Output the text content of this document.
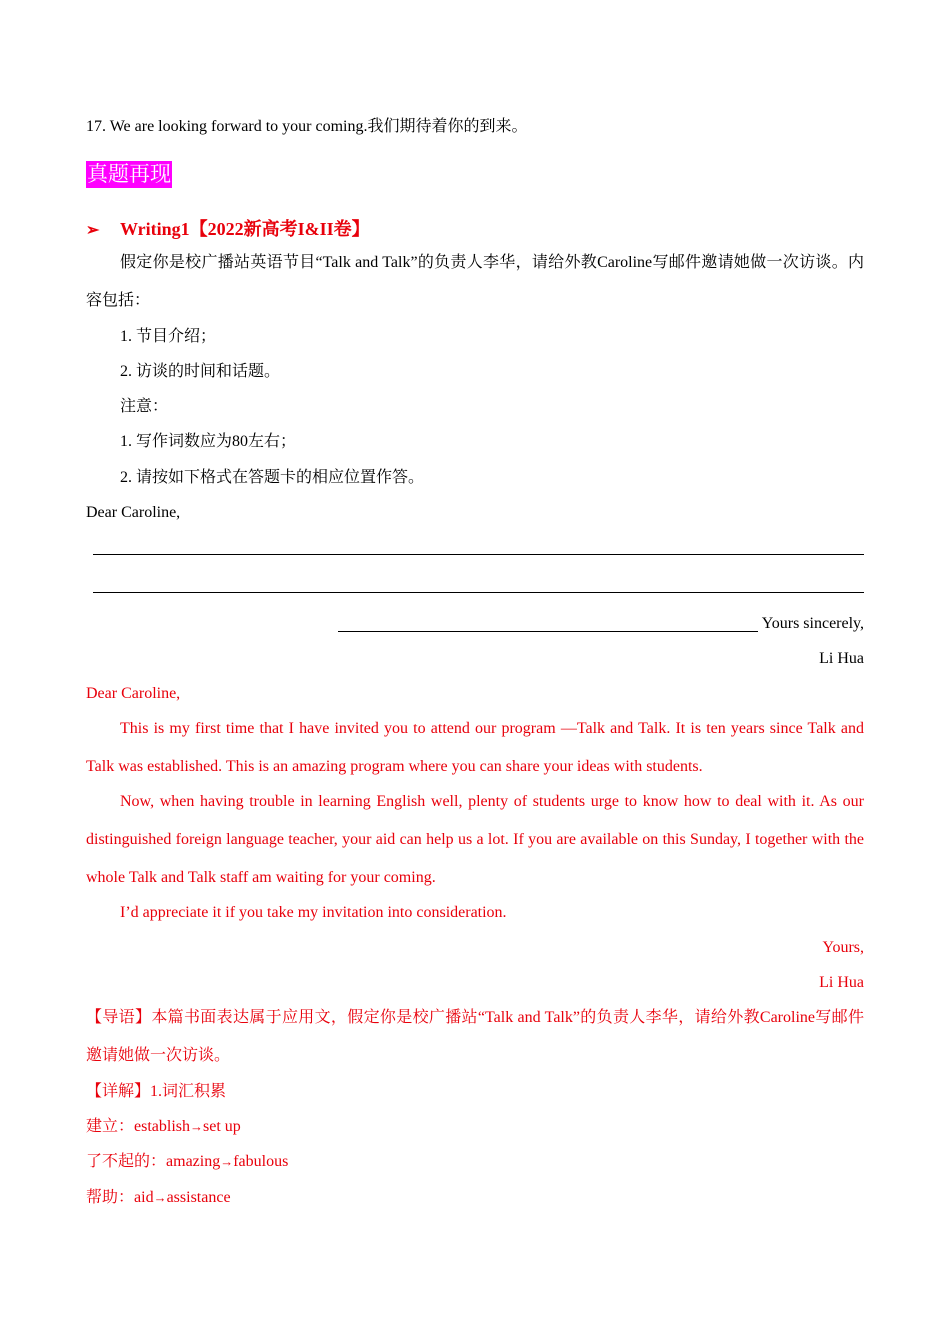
17. We are looking forward to your coming.我们期待着你的到来。
真题再现
➢ Writing1【2022新高考I&II卷】
假定你是校广播站英语节目“Talk and Talk”的负责人李华，请给外教Caroline写邮件邀请她做一次访谈。内容包括：
1. 节目介绍；
2. 访谈的时间和话题。
注意：
1. 写作词数应为80左右；
2. 请按如下格式在答题卡的相应位置作答。
Dear Caroline,
Yours sincerely,
Li Hua
Dear Caroline,
This is my first time that I have invited you to attend our program —Talk and Talk. It is ten years since Talk and Talk was established. This is an amazing program where you can share your ideas with students.
Now, when having trouble in learning English well, plenty of students urge to know how to deal with it. As our distinguished foreign language teacher, your aid can help us a lot. If you are available on this Sunday, I together with the whole Talk and Talk staff am waiting for your coming.
I’d appreciate it if you take my invitation into consideration.
Yours,
Li Hua
【导语】本篇书面表达属于应用文，假定你是校广播站“Talk and Talk”的负责人李华，请给外教Caroline写邮件邀请她做一次访谈。
【详解】1.词汇积累
建立：establish→set up
了不起的：amazing→fabulous
帮助：aid→assistance
